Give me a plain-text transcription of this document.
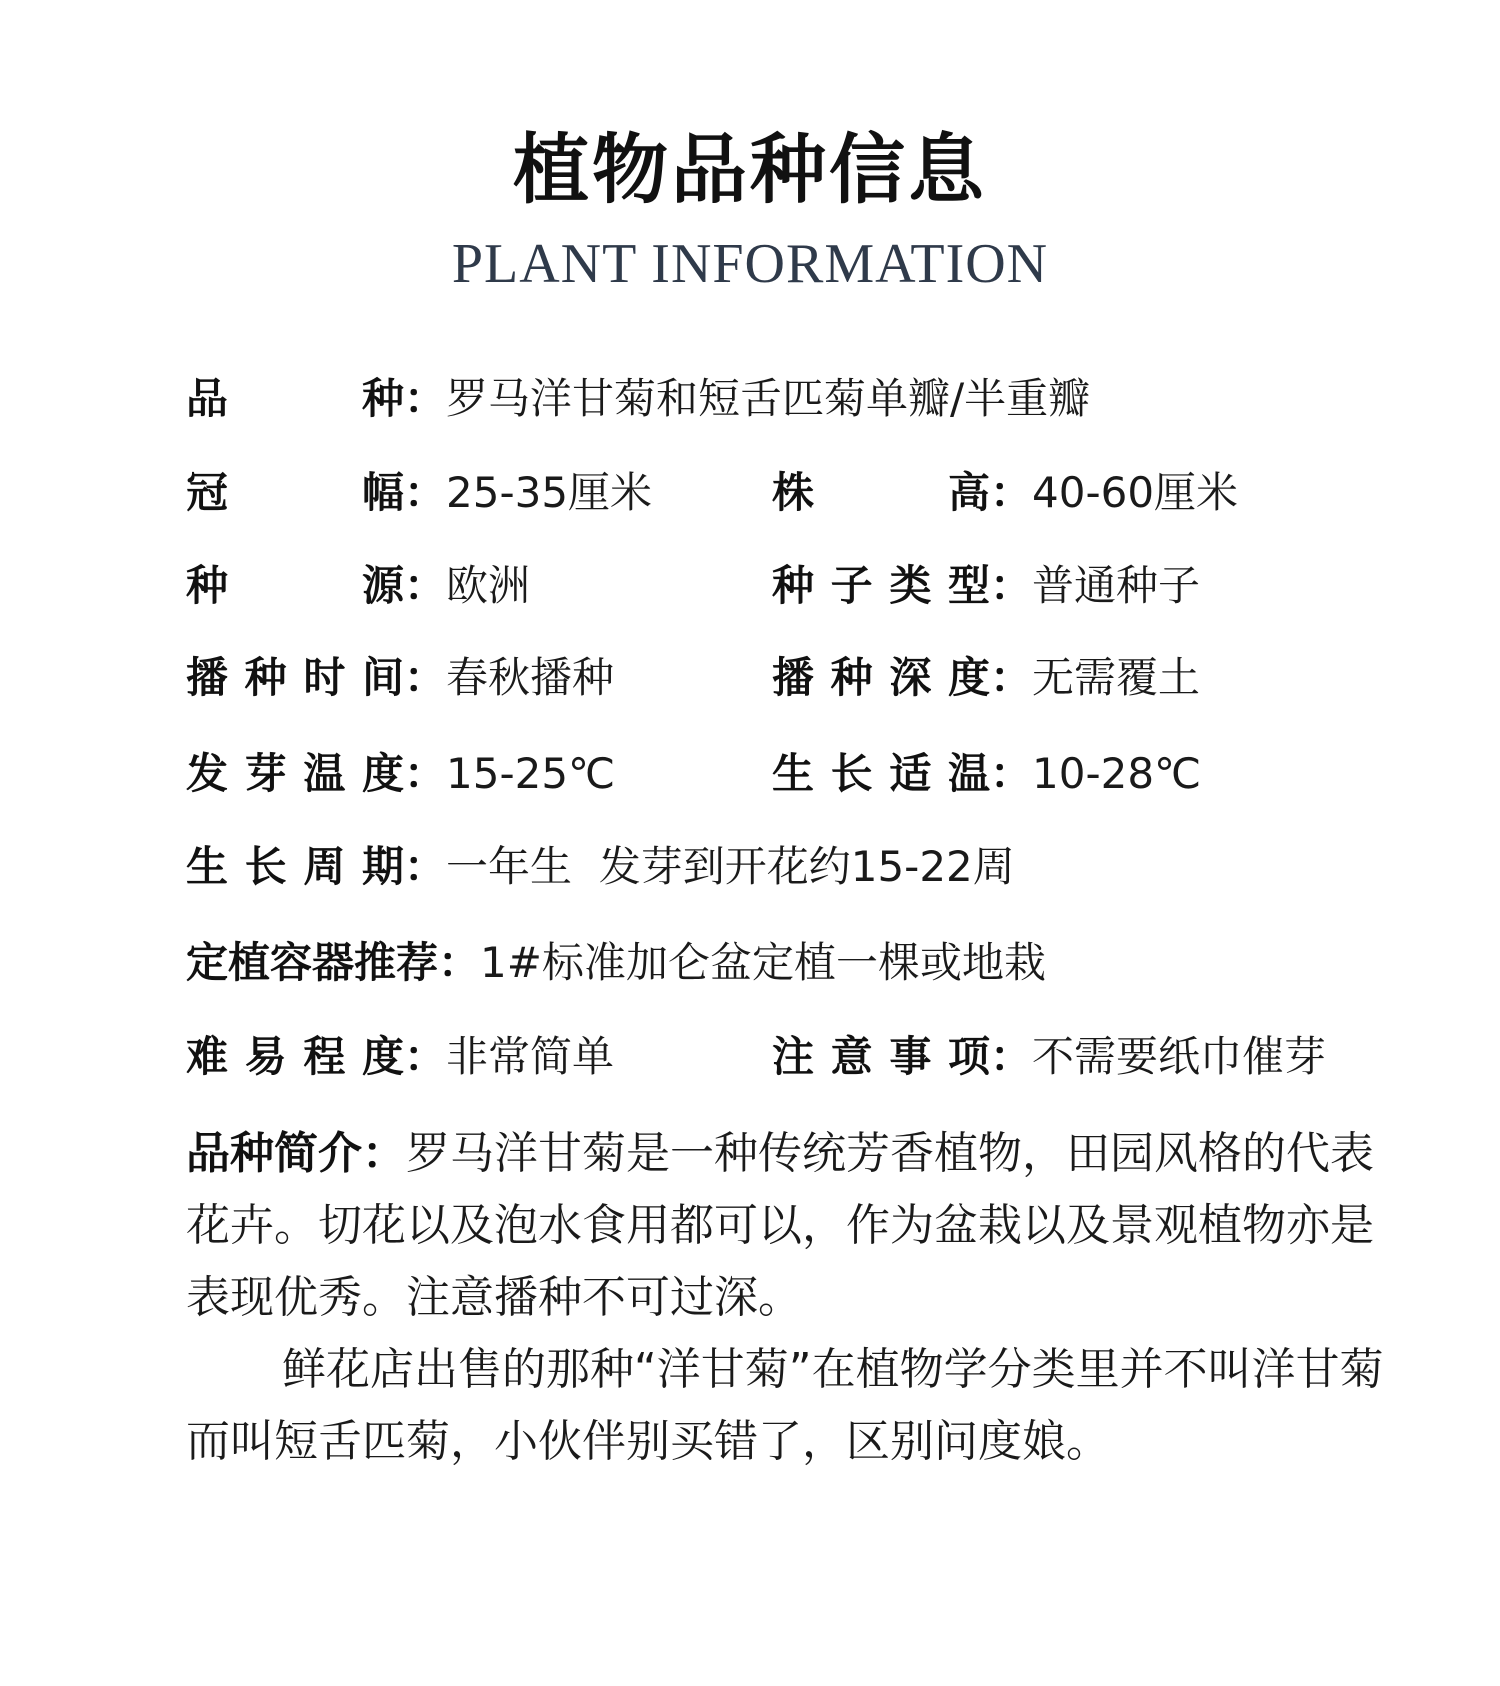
植物品种信息
PLANT INFORMATION
品　　种：罗马洋甘菊和短舌匹菊单瓣/半重瓣
冠　　幅：25-35厘米	株　　高：40-60厘米
种　　源：欧洲	种子类型：普通种子
播种时间：春秋播种	播种深度：无需覆土
发芽温度：15-25℃	生长适温：10-28℃
生长周期：一年生  发芽到开花约15-22周
定植容器推荐：1#标准加仑盆定植一棵或地栽
难易程度：非常简单	注意事项：不需要纸巾催芽

品种简介：罗马洋甘菊是一种传统芳香植物，田园风格的代表花卉。切花以及泡水食用都可以，作为盆栽以及景观植物亦是表现优秀。注意播种不可过深。

鲜花店出售的那种“洋甘菊”在植物学分类里并不叫洋甘菊而叫短舌匹菊，小伙伴别买错了，区别问度娘。
